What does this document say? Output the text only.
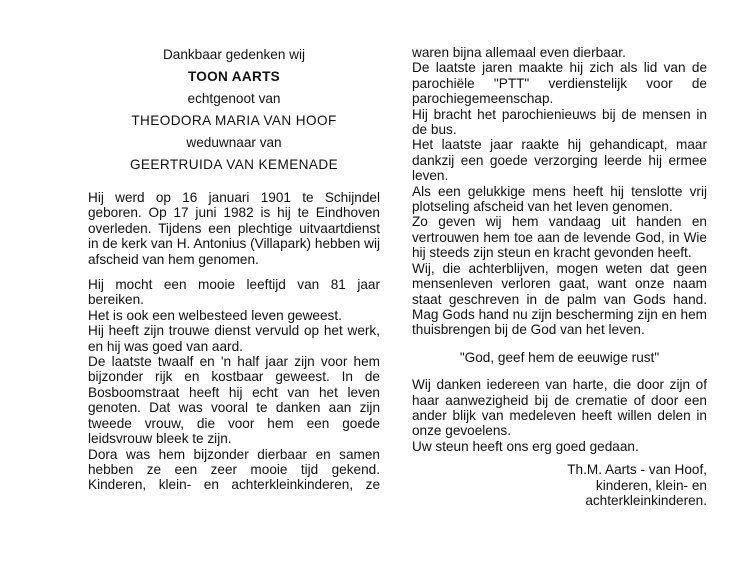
Dankbaar gedenken wij
TOON AARTS
echtgenoot van
THEODORA MARIA VAN HOOF
weduwnaar van
GEERTRUIDA VAN KEMENADE

Hij werd op 16 januari 1901 te Schijndel geboren. Op 17 juni 1982 is hij te Eindhoven overleden. Tijdens een plechtige uitvaartdienst in de kerk van H. Antonius (Villapark) hebben wij afscheid van hem genomen.

Hij mocht een mooie leeftijd van 81 jaar bereiken.

Het is ook een welbesteed leven geweest.

Hij heeft zijn trouwe dienst vervuld op het werk, en hij was goed van aard.

De laatste twaalf en 'n half jaar zijn voor hem bijzonder rijk en kostbaar geweest. In de Bosboomstraat heeft hij echt van het leven genoten. Dat was vooral te danken aan zijn tweede vrouw, die voor hem een goede leidsvrouw bleek te zijn.

Dora was hem bijzonder dierbaar en samen hebben ze een zeer mooie tijd gekend. Kinderen, klein- en achterkleinkinderen, ze

waren bijna allemaal even dierbaar.

De laatste jaren maakte hij zich als lid van de parochiële "PTT" verdienstelijk voor de parochiegemeenschap.

Hij bracht het parochienieuws bij de mensen in de bus.

Het laatste jaar raakte hij gehandicapt, maar dankzij een goede verzorging leerde hij ermee leven.

Als een gelukkige mens heeft hij tenslotte vrij plotseling afscheid van het leven genomen.

Zo geven wij hem vandaag uit handen en vertrouwen hem toe aan de levende God, in Wie hij steeds zijn steun en kracht gevonden heeft.

Wij, die achterblijven, mogen weten dat geen mensenleven verloren gaat, want onze naam staat geschreven in de palm van Gods hand. Mag Gods hand nu zijn bescherming zijn en hem thuisbrengen bij de God van het leven.

"God, geef hem de eeuwige rust"

Wij danken iedereen van harte, die door zijn of haar aanwezigheid bij de crematie of door een ander blijk van medeleven heeft willen delen in onze gevoelens.

Uw steun heeft ons erg goed gedaan.

Th.M. Aarts - van Hoof,
kinderen, klein- en
achterkleinkinderen.
